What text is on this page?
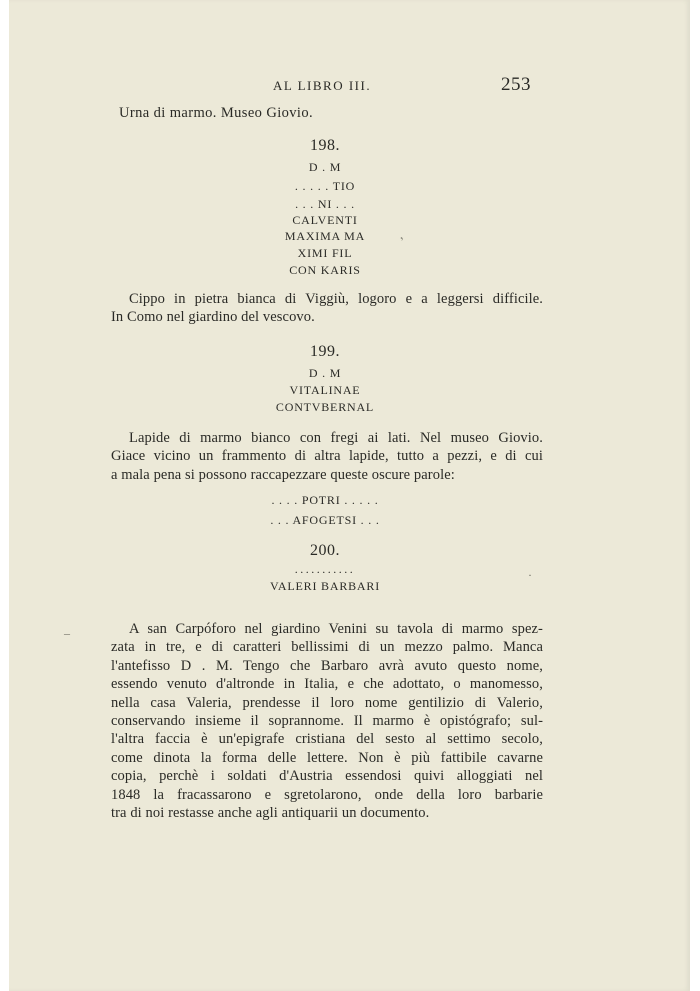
AL LIBRO III.	253
Urna di marmo. Museo Giovio.
198.
D . M
. . . . . TIO
. . . NI . . .
CALVENTI
MAXIMA MA
XIMI FIL
CON KARIS
‚
Cippo in pietra bianca di Viggiù, logoro e a leggersi difficile.
In Como nel giardino del vescovo.
199.
D . M
VITALINAE
CONTVBERNAL
Lapide di marmo bianco con fregi ai lati. Nel museo Giovio.
Giace vicino un frammento di altra lapide, tutto a pezzi, e di cui
a mala pena si possono raccapezzare queste oscure parole:
. . . . POTRI . . . . .
. . . AFOGETSI . . .
200.
...........
VALERI BARBARI
·
–	A san Carpóforo nel giardino Venini su tavola di marmo spez-
zata in tre, e di caratteri bellissimi di un mezzo palmo. Manca
l'antefisso D . M. Tengo che Barbaro avrà avuto questo nome,
essendo venuto d'altronde in Italia, e che adottato, o manomesso,
nella casa Valeria, prendesse il loro nome gentilizio di Valerio,
conservando insieme il soprannome. Il marmo è opistógrafo; sul-
l'altra faccia è un'epigrafe cristiana del sesto al settimo secolo,
come dinota la forma delle lettere. Non è più fattibile cavarne
copia, perchè i soldati d'Austria essendosi quivi alloggiati nel
1848 la fracassarono e sgretolarono, onde della loro barbarie
tra di noi restasse anche agli antiquarii un documento.
